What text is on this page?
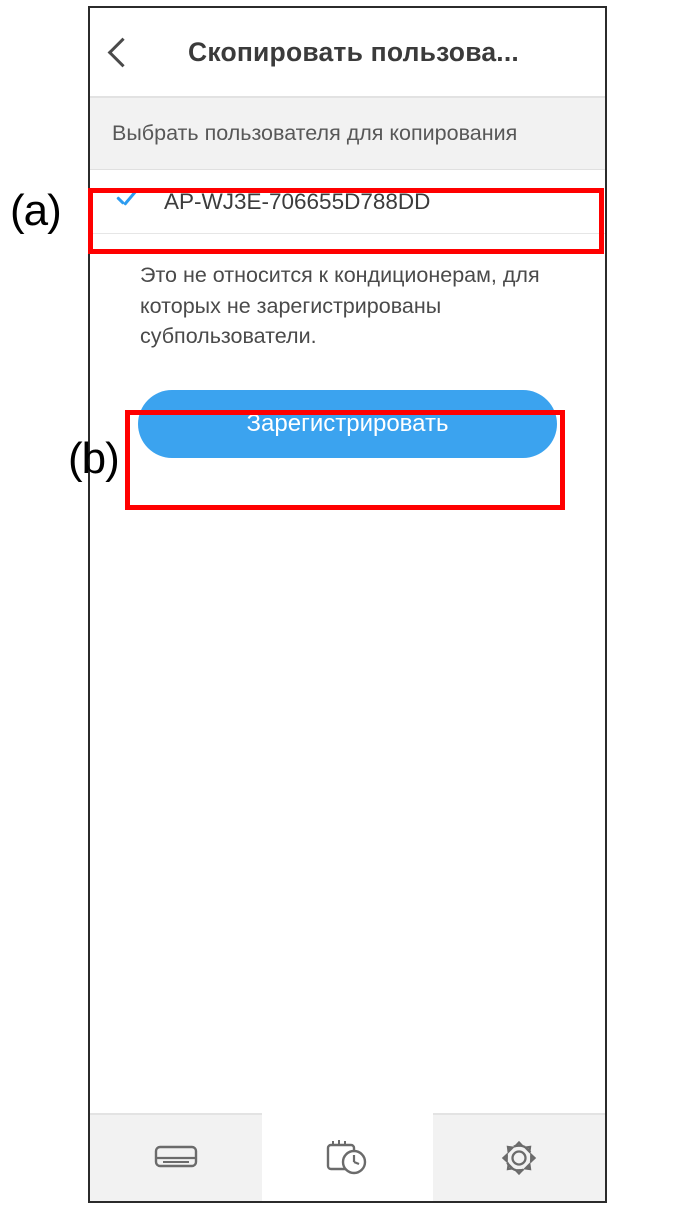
Скопировать пользова...
Выбрать пользователя для копирования
AP-WJ3E-706655D788DD
Это не относится к кондиционерам, для которых не зарегистрированы субпользователи.
Зарегистрировать
(a)
(b)
